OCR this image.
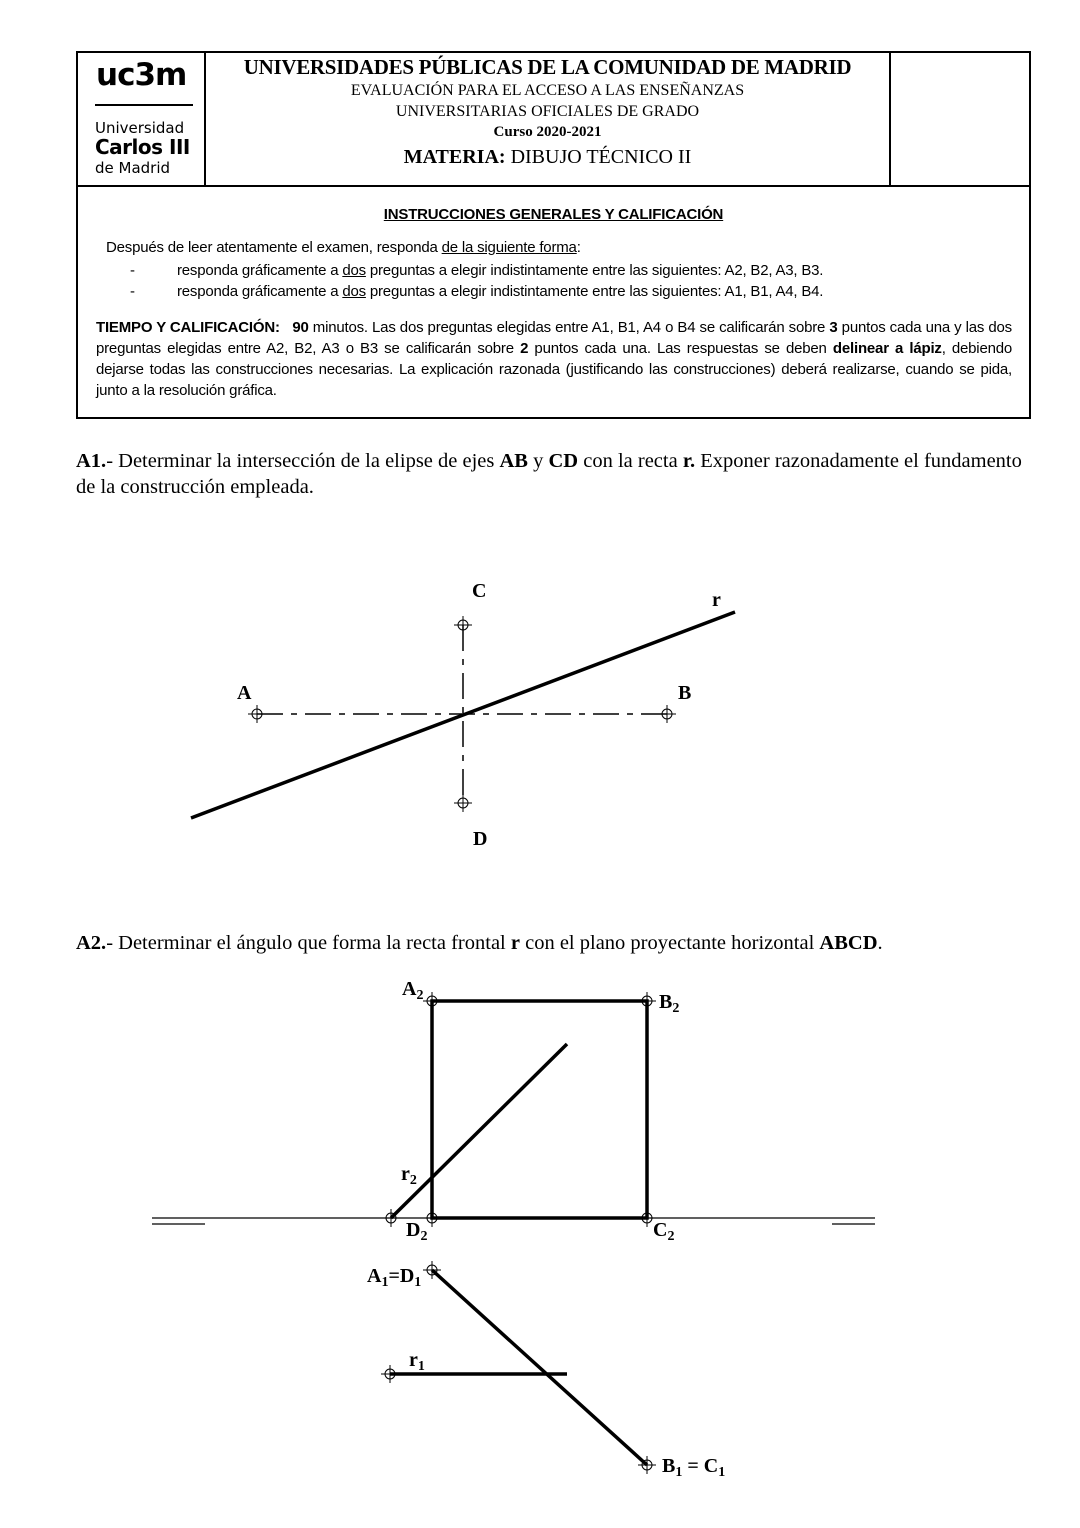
uc3m
Universidad
Carlos III
de Madrid
UNIVERSIDADES PÚBLICAS DE LA COMUNIDAD DE MADRID
EVALUACIÓN PARA EL ACCESO A LAS ENSEÑANZAS
UNIVERSITARIAS OFICIALES DE GRADO
Curso 2020-2021
MATERIA: DIBUJO TÉCNICO II
INSTRUCCIONES GENERALES Y CALIFICACIÓN
Después de leer atentamente el examen, responda de la siguiente forma:
-	responda gráficamente a dos preguntas a elegir indistintamente entre las siguientes: A2, B2, A3, B3.
-	responda gráficamente a dos preguntas a elegir indistintamente entre las siguientes: A1, B1, A4, B4.
TIEMPO Y CALIFICACIÓN: 90 minutos. Las dos preguntas elegidas entre A1, B1, A4 o B4 se calificarán sobre 3 puntos cada una y las dos preguntas elegidas entre A2, B2, A3 o B3 se calificarán sobre 2 puntos cada una. Las respuestas se deben delinear a lápiz, debiendo dejarse todas las construcciones necesarias. La explicación razonada (justificando las construcciones) deberá realizarse, cuando se pida, junto a la resolución gráfica.
A1.- Determinar la intersección de la elipse de ejes AB y CD con la recta r. Exponer razonadamente el fundamento de la construcción empleada.
A2.- Determinar el ángulo que forma la recta frontal r con el plano proyectante horizontal ABCD.
A	B
C
D
r
$A_2$	$B_2$
$C_2$
$D_2$
$r_2$
$r_1$
$A_1=D_1$
$B_1 = C_1$
